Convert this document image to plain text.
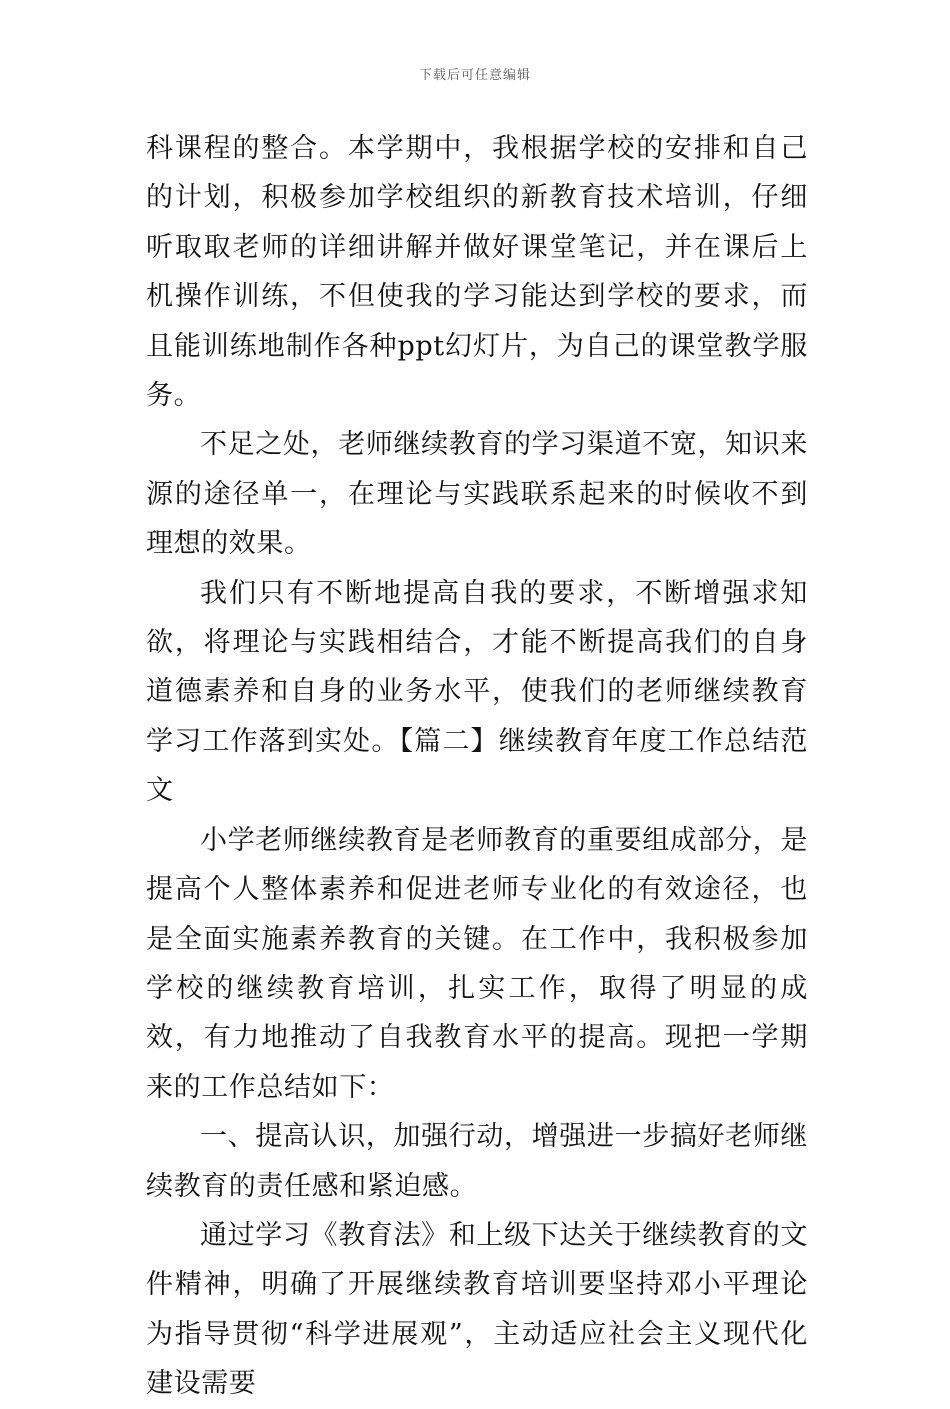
下载后可任意编辑

科课程的整合。本学期中，我根据学校的安排和自己的计划，积极参加学校组织的新教育技术培训，仔细听取取老师的详细讲解并做好课堂笔记，并在课后上机操作训练，不但使我的学习能达到学校的要求，而且能训练地制作各种ppt幻灯片，为自己的课堂教学服务。

不足之处，老师继续教育的学习渠道不宽，知识来源的途径单一，在理论与实践联系起来的时候收不到理想的效果。

我们只有不断地提高自我的要求，不断增强求知欲，将理论与实践相结合，才能不断提高我们的自身道德素养和自身的业务水平，使我们的老师继续教育学习工作落到实处。【篇二】继续教育年度工作总结范文

小学老师继续教育是老师教育的重要组成部分，是提高个人整体素养和促进老师专业化的有效途径，也是全面实施素养教育的关键。在工作中，我积极参加学校的继续教育培训，扎实工作，取得了明显的成效，有力地推动了自我教育水平的提高。现把一学期来的工作总结如下：

一、提高认识，加强行动，增强进一步搞好老师继续教育的责任感和紧迫感。

通过学习《教育法》和上级下达关于继续教育的文件精神，明确了开展继续教育培训要坚持邓小平理论为指导贯彻“科学进展观”，主动适应社会主义现代化建设需要
